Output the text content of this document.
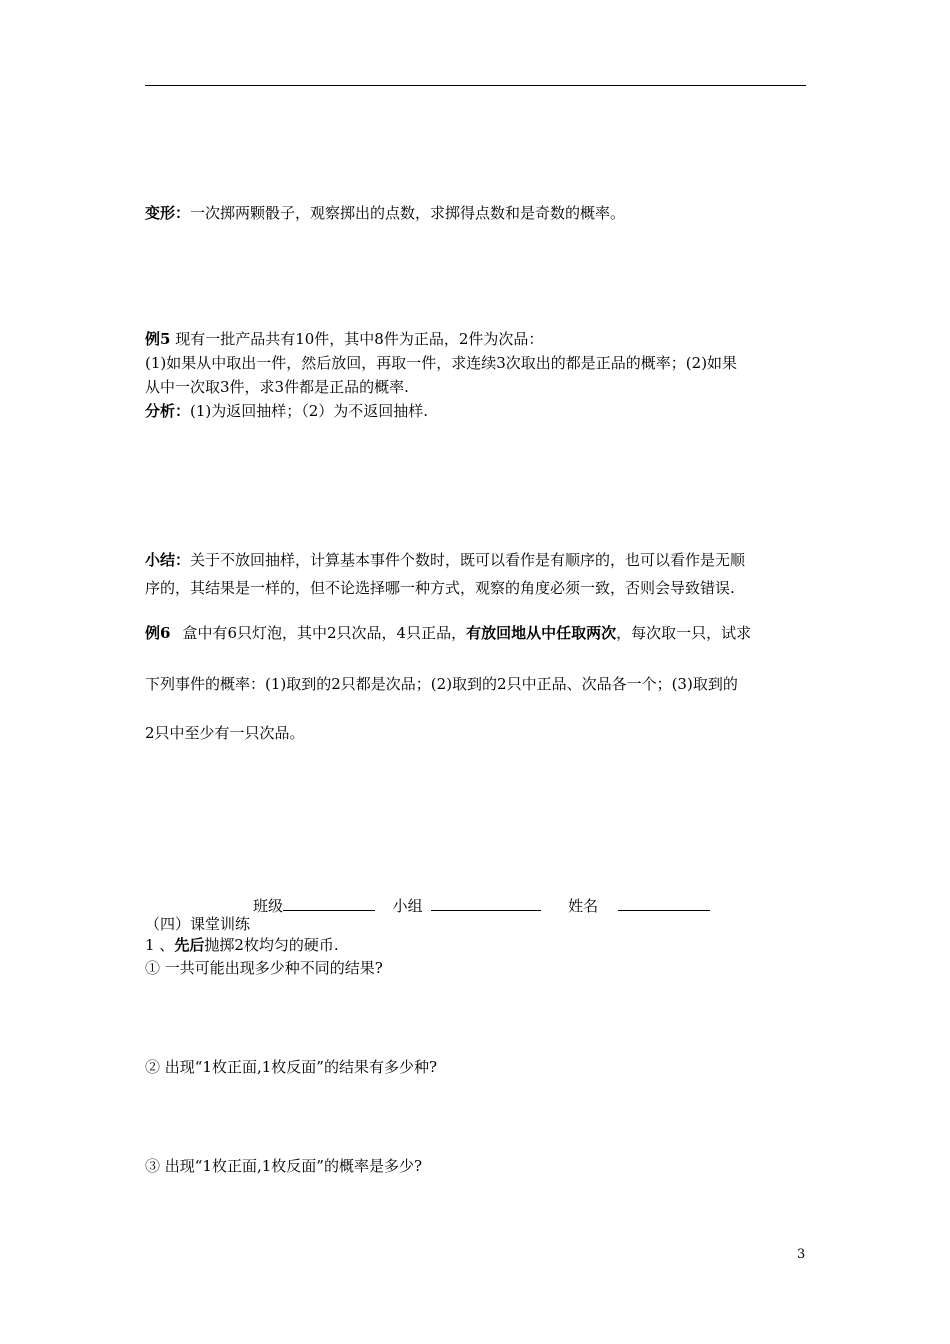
变形：一次掷两颗骰子，观察掷出的点数，求掷得点数和是奇数的概率。
例5 现有一批产品共有10件，其中8件为正品，2件为次品：
(1)如果从中取出一件，然后放回，再取一件，求连续3次取出的都是正品的概率；(2)如果
从中一次取3件，求3件都是正品的概率.
分析：(1)为返回抽样；（2）为不返回抽样.
小结：关于不放回抽样，计算基本事件个数时，既可以看作是有顺序的，也可以看作是无顺
序的，其结果是一样的，但不论选择哪一种方式，观察的角度必须一致，否则会导致错误.
例6 盒中有6只灯泡，其中2只次品，4只正品，有放回地从中任取两次，每次取一只，试求
下列事件的概率：(1)取到的2只都是次品；(2)取到的2只中正品、次品各一个；(3)取到的
2只中至少有一只次品。
班级	小组	姓名
（四）课堂训练
1 、先后抛掷2枚均匀的硬币.
① 一共可能出现多少种不同的结果?
② 出现“1枚正面,1枚反面”的结果有多少种?
③ 出现“1枚正面,1枚反面”的概率是多少?
3
